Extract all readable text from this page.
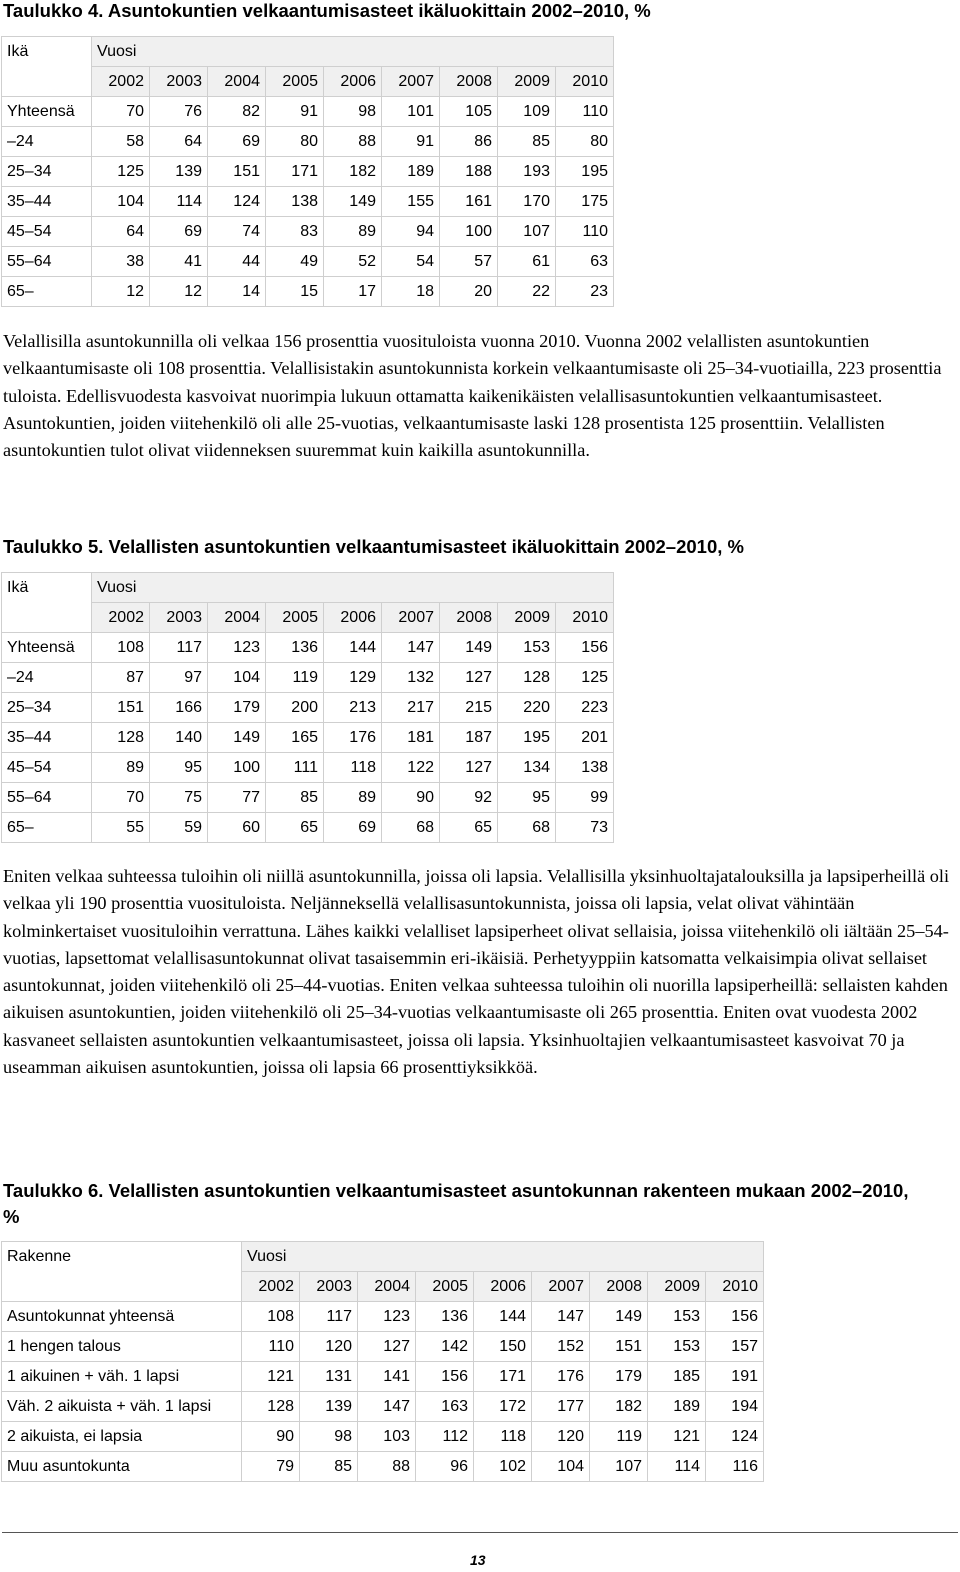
Taulukko 4. Asuntokuntien velkaantumisasteet ikäluokittain 2002–2010, %
Ikä	Vuosi								
	2002	2003	2004	2005	2006	2007	2008	2009	2010
Yhteensä	70	76	82	91	98	101	105	109	110
–24	58	64	69	80	88	91	86	85	80
25–34	125	139	151	171	182	189	188	193	195
35–44	104	114	124	138	149	155	161	170	175
45–54	64	69	74	83	89	94	100	107	110
55–64	38	41	44	49	52	54	57	61	63
65–	12	12	14	15	17	18	20	22	23
Velallisilla asuntokunnilla oli velkaa 156 prosenttia vuosituloista vuonna 2010. Vuonna 2002 velallisten asuntokuntien velkaantumisaste oli 108 prosenttia. Velallisistakin asuntokunnista korkein velkaantumisaste oli 25–34-vuotiailla, 223 prosenttia tuloista. Edellisvuodesta kasvoivat nuorimpia lukuun ottamatta kaikenikäisten velallisasuntokuntien velkaantumisasteet. Asuntokuntien, joiden viitehenkilö oli alle 25-vuotias, velkaantumisaste laski 128 prosentista 125 prosenttiin. Velallisten asuntokuntien tulot olivat viidenneksen suuremmat kuin kaikilla asuntokunnilla.
Taulukko 5. Velallisten asuntokuntien velkaantumisasteet ikäluokittain 2002–2010, %
Ikä	Vuosi								
	2002	2003	2004	2005	2006	2007	2008	2009	2010
Yhteensä	108	117	123	136	144	147	149	153	156
–24	87	97	104	119	129	132	127	128	125
25–34	151	166	179	200	213	217	215	220	223
35–44	128	140	149	165	176	181	187	195	201
45–54	89	95	100	111	118	122	127	134	138
55–64	70	75	77	85	89	90	92	95	99
65–	55	59	60	65	69	68	65	68	73
Eniten velkaa suhteessa tuloihin oli niillä asuntokunnilla, joissa oli lapsia. Velallisilla yksinhuoltajatalouksilla ja lapsiperheillä oli velkaa yli 190 prosenttia vuosituloista. Neljänneksellä velallisasuntokunnista, joissa oli lapsia, velat olivat vähintään kolminkertaiset vuosituloihin verrattuna. Lähes kaikki velalliset lapsiperheet olivat sellaisia, joissa viitehenkilö oli iältään 25–54-vuotias, lapsettomat velallisasuntokunnat olivat tasaisemmin eri-ikäisiä. Perhetyyppiin katsomatta velkaisimpia olivat sellaiset asuntokunnat, joiden viitehenkilö oli 25–44-vuotias. Eniten velkaa suhteessa tuloihin oli nuorilla lapsiperheillä: sellaisten kahden aikuisen asuntokuntien, joiden viitehenkilö oli 25–34-vuotias velkaantumisaste oli 265 prosenttia. Eniten ovat vuodesta 2002 kasvaneet sellaisten asuntokuntien velkaantumisasteet, joissa oli lapsia. Yksinhuoltajien velkaantumisasteet kasvoivat 70 ja useamman aikuisen asuntokuntien, joissa oli lapsia 66 prosenttiyksikköä.
Taulukko 6. Velallisten asuntokuntien velkaantumisasteet asuntokunnan rakenteen mukaan 2002–2010, %
Rakenne	Vuosi								
	2002	2003	2004	2005	2006	2007	2008	2009	2010
Asuntokunnat yhteensä	108	117	123	136	144	147	149	153	156
1 hengen talous	110	120	127	142	150	152	151	153	157
1 aikuinen + väh. 1 lapsi	121	131	141	156	171	176	179	185	191
Väh. 2 aikuista + väh. 1 lapsi	128	139	147	163	172	177	182	189	194
2 aikuista, ei lapsia	90	98	103	112	118	120	119	121	124
Muu asuntokunta	79	85	88	96	102	104	107	114	116
13
